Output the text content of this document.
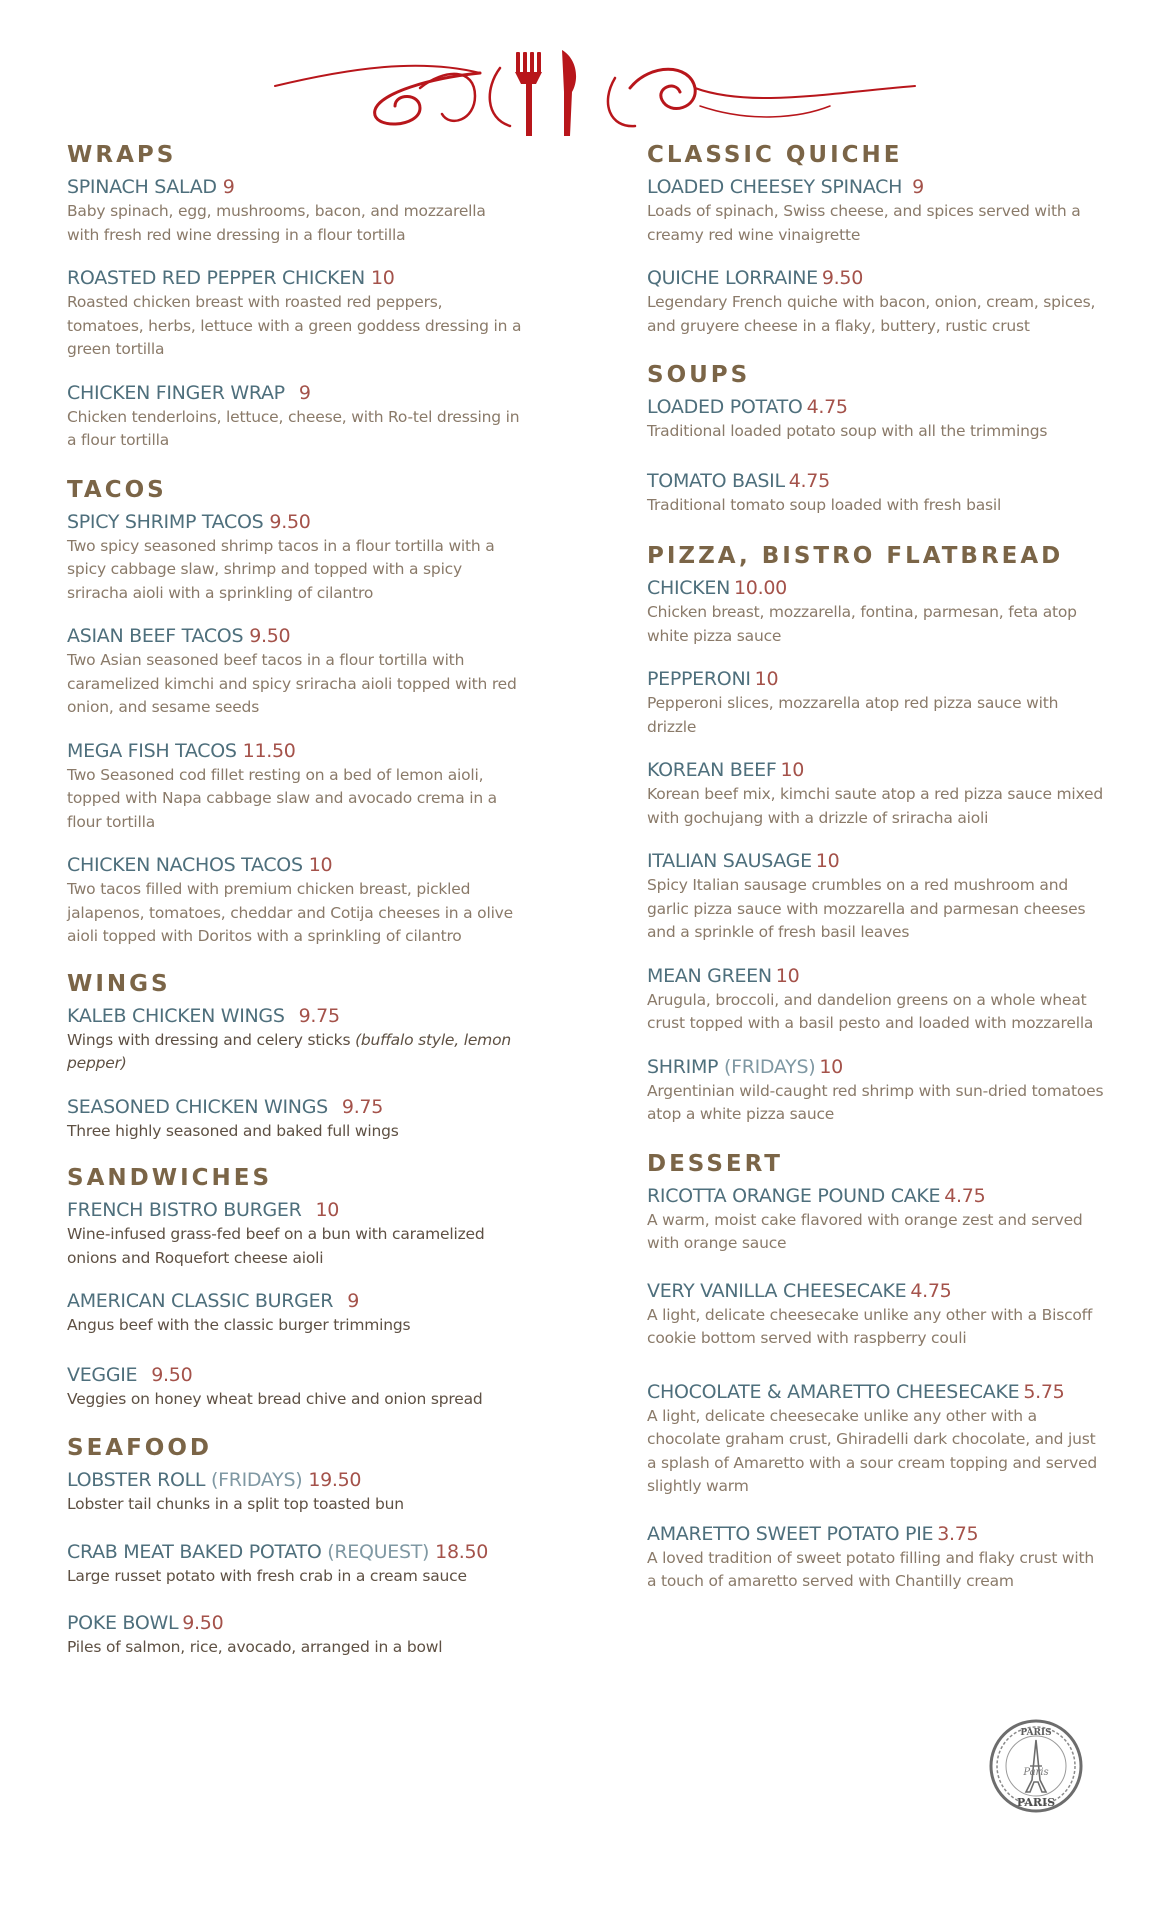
WRAPS
SPINACH SALAD 9
Baby spinach, egg, mushrooms, bacon, and mozzarella with fresh red wine dressing in a flour tortilla
ROASTED RED PEPPER CHICKEN 10
Roasted chicken breast with roasted red peppers, tomatoes, herbs, lettuce with a green goddess dressing in a green tortilla
CHICKEN FINGER WRAP 9
Chicken tenderloins, lettuce, cheese, with Ro-tel dressing in a flour tortilla
TACOS
SPICY SHRIMP TACOS 9.50
Two spicy seasoned shrimp tacos in a flour tortilla with a spicy cabbage slaw, shrimp and topped with a spicy sriracha aioli with a sprinkling of cilantro
ASIAN BEEF TACOS 9.50
Two Asian seasoned beef tacos in a flour tortilla with caramelized kimchi and spicy sriracha aioli topped with red onion, and sesame seeds
MEGA FISH TACOS 11.50
Two Seasoned cod fillet resting on a bed of lemon aioli, topped with Napa cabbage slaw and avocado crema in a flour tortilla
CHICKEN NACHOS TACOS 10
Two tacos filled with premium chicken breast, pickled jalapenos, tomatoes, cheddar and Cotija cheeses in a olive aioli topped with Doritos with a sprinkling of cilantro
WINGS
KALEB CHICKEN WINGS 9.75
Wings with dressing and celery sticks (buffalo style, lemon pepper)
SEASONED CHICKEN WINGS 9.75
Three highly seasoned and baked full wings
SANDWICHES
FRENCH BISTRO BURGER 10
Wine-infused grass-fed beef on a bun with caramelized onions and Roquefort cheese aioli
AMERICAN CLASSIC BURGER 9
Angus beef with the classic burger trimmings
VEGGIE 9.50
Veggies on honey wheat bread chive and onion spread
SEAFOOD
LOBSTER ROLL (FRIDAYS) 19.50
Lobster tail chunks in a split top toasted bun
CRAB MEAT BAKED POTATO (REQUEST) 18.50
Large russet potato with fresh crab in a cream sauce
POKE BOWL 9.50
Piles of salmon, rice, avocado, arranged in a bowl
CLASSIC QUICHE
LOADED CHEESEY SPINACH 9
Loads of spinach, Swiss cheese, and spices served with a creamy red wine vinaigrette
QUICHE LORRAINE 9.50
Legendary French quiche with bacon, onion, cream, spices, and gruyere cheese in a flaky, buttery, rustic crust
SOUPS
LOADED POTATO 4.75
Traditional loaded potato soup with all the trimmings
TOMATO BASIL 4.75
Traditional tomato soup loaded with fresh basil
PIZZA, BISTRO FLATBREAD
CHICKEN 10.00
Chicken breast, mozzarella, fontina, parmesan, feta atop white pizza sauce
PEPPERONI 10
Pepperoni slices, mozzarella atop red pizza sauce with drizzle
KOREAN BEEF 10
Korean beef mix, kimchi saute atop a red pizza sauce mixed with gochujang with a drizzle of sriracha aioli
ITALIAN SAUSAGE 10
Spicy Italian sausage crumbles on a red mushroom and garlic pizza sauce with mozzarella and parmesan cheeses and a sprinkle of fresh basil leaves
MEAN GREEN 10
Arugula, broccoli, and dandelion greens on a whole wheat crust topped with a basil pesto and loaded with mozzarella
SHRIMP (FRIDAYS) 10
Argentinian wild-caught red shrimp with sun-dried tomatoes atop a white pizza sauce
DESSERT
RICOTTA ORANGE POUND CAKE 4.75
A warm, moist cake flavored with orange zest and served with orange sauce
VERY VANILLA CHEESECAKE 4.75
A light, delicate cheesecake unlike any other with a Biscoff cookie bottom served with raspberry couli
CHOCOLATE & AMARETTO CHEESECAKE 5.75
A light, delicate cheesecake unlike any other with a chocolate graham crust, Ghiradelli dark chocolate, and just a splash of Amaretto with a sour cream topping and served slightly warm
AMARETTO SWEET POTATO PIE 3.75
A loved tradition of sweet potato filling and flaky crust with a touch of amaretto served with Chantilly cream
PARIS
Paris
PARIS
